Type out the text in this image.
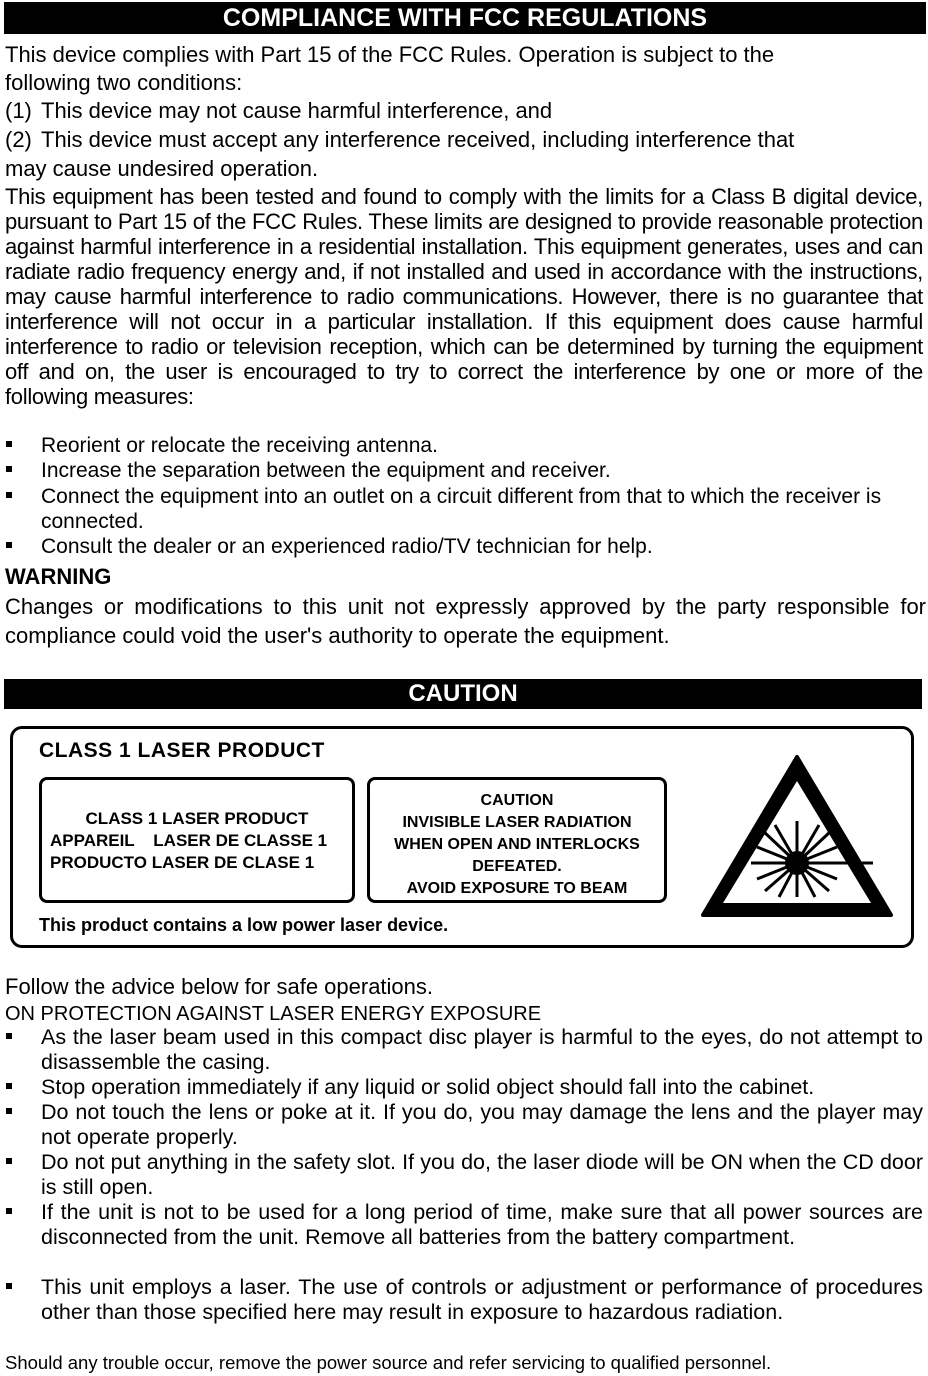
COMPLIANCE WITH FCC REGULATIONS

This device complies with Part 15 of the FCC Rules. Operation is subject to the

following two conditions:

(1) This device may not cause harmful interference, and

(2) This device must accept any interference received, including interference that

may cause undesired operation.

This equipment has been tested and found to comply with the limits for a Class B digital device, pursuant to Part 15 of the FCC Rules. These limits are designed to provide reasonable protection against harmful interference in a residential installation. This equipment generates, uses and can radiate radio frequency energy and, if not installed and used in accordance with the instructions, may cause harmful interference to radio communications. However, there is no guarantee that interference will not occur in a particular installation. If this equipment does cause harmful interference to radio or television reception, which can be determined by turning the equipment off and on, the user is encouraged to try to correct the interference by one or more of the following measures:

Reorient or relocate the receiving antenna.
Increase the separation between the equipment and receiver.
Connect the equipment into an outlet on a circuit different from that to which the receiver is connected.
Consult the dealer or an experienced radio/TV technician for help.

WARNING

Changes or modifications to this unit not expressly approved by the party responsible for compliance could void the user's authority to operate the equipment.

CAUTION
CLASS 1 LASER PRODUCT
CLASS 1 LASER PRODUCT
APPAREIL    LASER DE CLASSE 1
PRODUCTO LASER DE CLASE 1
CAUTION
INVISIBLE LASER RADIATION
WHEN OPEN AND INTERLOCKS
DEFEATED.
AVOID EXPOSURE TO BEAM
This product contains a low power laser device.

Follow the advice below for safe operations.

ON PROTECTION AGAINST LASER ENERGY EXPOSURE

As the laser beam used in this compact disc player is harmful to the eyes, do not attempt to disassemble the casing.
Stop operation immediately if any liquid or solid object should fall into the cabinet.
Do not touch the lens or poke at it. If you do, you may damage the lens and the player may not operate properly.
Do not put anything in the safety slot. If you do, the laser diode will be ON when the CD door is still open.
If the unit is not to be used for a long period of time, make sure that all power sources are disconnected from the unit. Remove all batteries from the battery compartment.
This unit employs a laser. The use of controls or adjustment or performance of procedures other than those specified here may result in exposure to hazardous radiation.

Should any trouble occur, remove the power source and refer servicing to qualified personnel.
